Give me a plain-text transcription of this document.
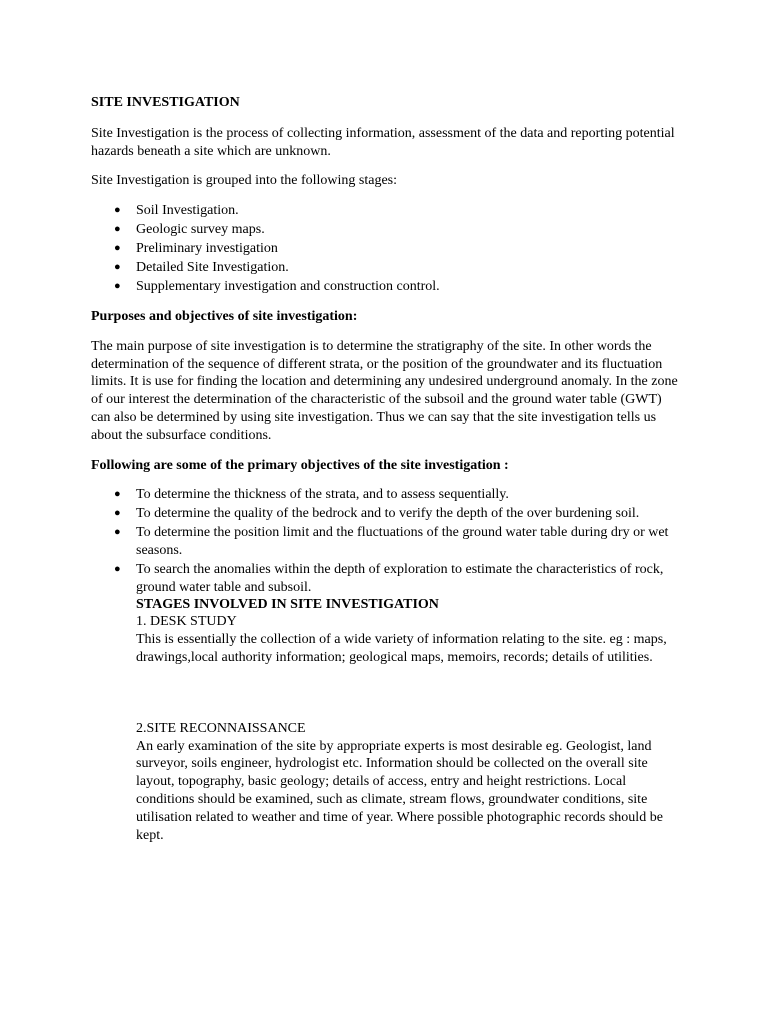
SITE INVESTIGATION

Site Investigation is the process of collecting information, assessment of the data and reporting potential hazards beneath a site which are unknown.

Site Investigation is grouped into the following stages:

● Soil Investigation.
● Geologic survey maps.
● Preliminary investigation
● Detailed Site Investigation.
● Supplementary investigation and construction control.

Purposes and objectives of site investigation:

The main purpose of site investigation is to determine the stratigraphy of the site. In other words the determination of the sequence of different strata, or the position of the groundwater and its fluctuation limits. It is use for finding the location and determining any undesired underground anomaly. In the zone of our interest the determination of the characteristic of the subsoil and the ground water table (GWT) can also be determined by using site investigation. Thus we can say that the site investigation tells us about the subsurface conditions.

Following are some of the primary objectives of the site investigation :

● To determine the thickness of the strata, and to assess sequentially.
● To determine the quality of the bedrock and to verify the depth of the over burdening soil.
● To determine the position limit and the fluctuations of the ground water table during dry or wet seasons.
● To search the anomalies within the depth of exploration to estimate the characteristics of rock, ground water table and subsoil.
STAGES INVOLVED IN SITE INVESTIGATION
1. DESK STUDY
This is essentially the collection of a wide variety of information relating to the site. eg : maps, drawings,local authority information; geological maps, memoirs, records; details of utilities.
2.SITE RECONNAISSANCE
An early examination of the site by appropriate experts is most desirable eg. Geologist, land surveyor, soils engineer, hydrologist etc. Information should be collected on the overall site layout, topography, basic geology; details of access, entry and height restrictions. Local conditions should be examined, such as climate, stream flows, groundwater conditions, site utilisation related to weather and time of year. Where possible photographic records should be kept.
